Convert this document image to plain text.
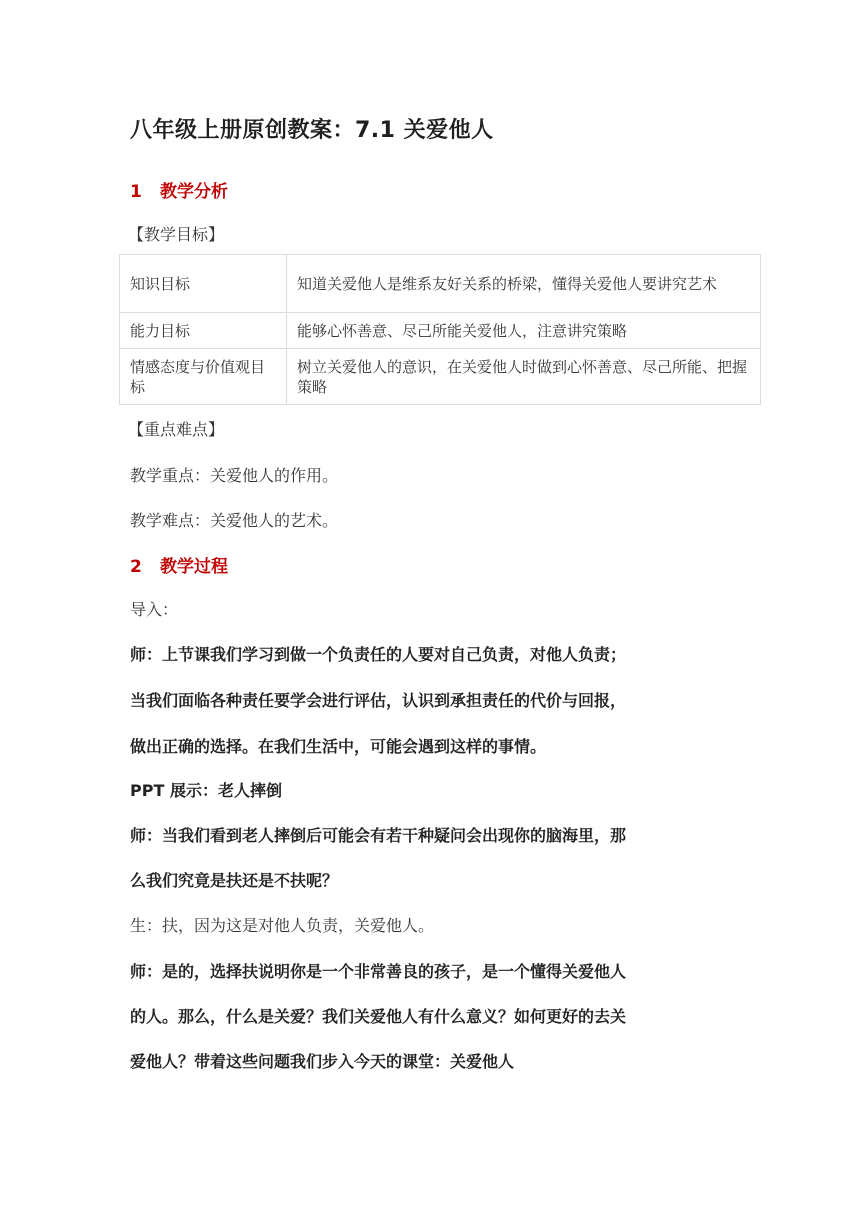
八年级上册原创教案：7.1 关爱他人
1 教学分析
【教学目标】
知识目标	知道关爱他人是维系友好关系的桥梁，懂得关爱他人要讲究艺术
能力目标	能够心怀善意、尽己所能关爱他人，注意讲究策略
情感态度与价值观目标	树立关爱他人的意识，在关爱他人时做到心怀善意、尽己所能、把握策略
【重点难点】
教学重点：关爱他人的作用。
教学难点：关爱他人的艺术。
2 教学过程
导入：
师：上节课我们学习到做一个负责任的人要对自己负责，对他人负责；
当我们面临各种责任要学会进行评估，认识到承担责任的代价与回报，
做出正确的选择。在我们生活中，可能会遇到这样的事情。
PPT 展示：老人摔倒
师：当我们看到老人摔倒后可能会有若干种疑问会出现你的脑海里，那
么我们究竟是扶还是不扶呢？
生：扶，因为这是对他人负责，关爱他人。
师：是的，选择扶说明你是一个非常善良的孩子，是一个懂得关爱他人
的人。那么，什么是关爱？我们关爱他人有什么意义？如何更好的去关
爱他人？带着这些问题我们步入今天的课堂：关爱他人
